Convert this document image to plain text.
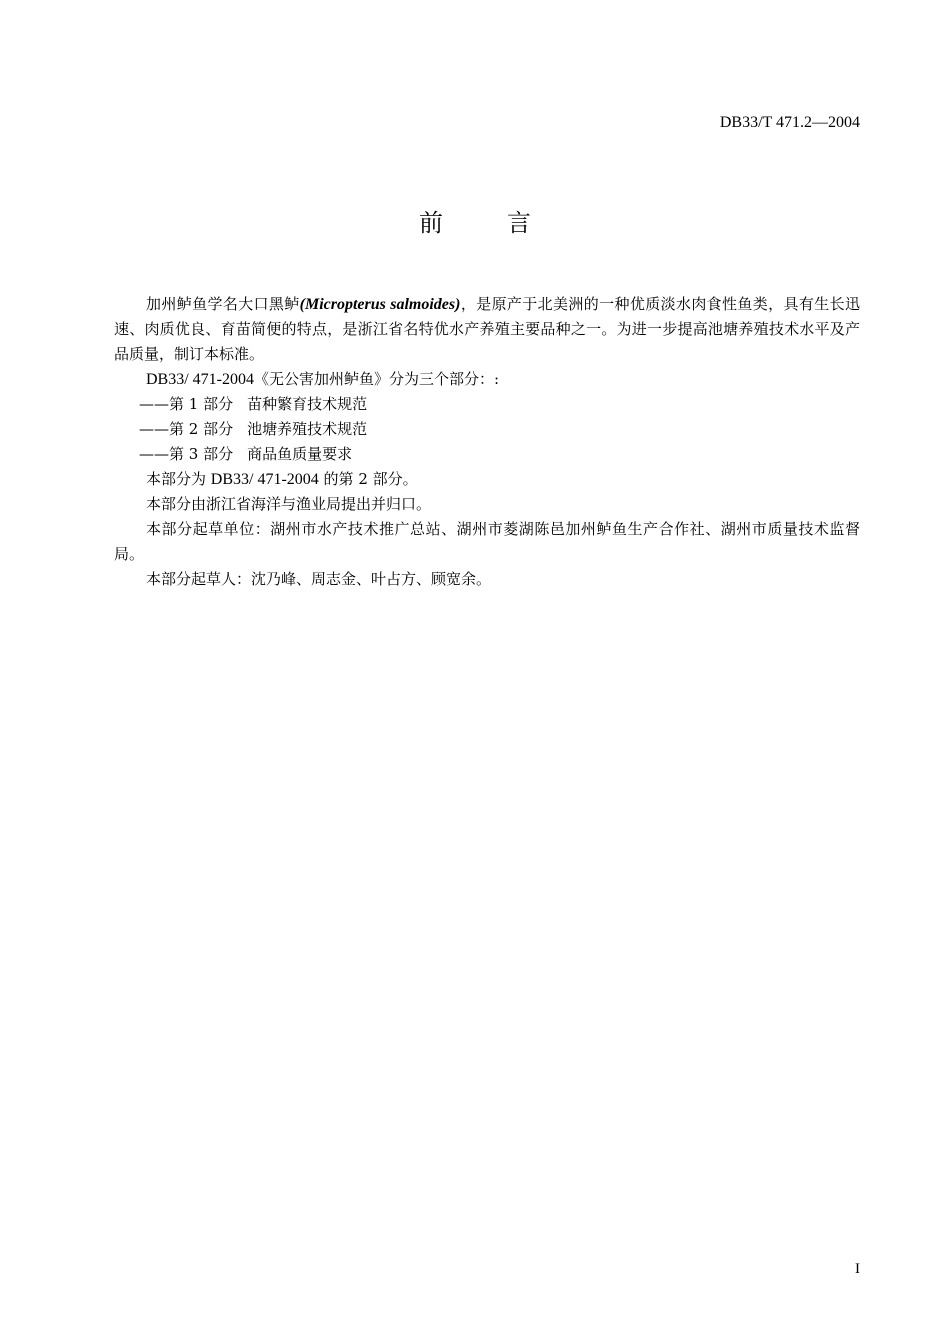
DB33/T 471.2—2004
前	言

加州鲈鱼学名大口黑鲈(Micropterus salmoides)，是原产于北美洲的一种优质淡水肉食性鱼类，具有生长迅速、肉质优良、育苗简便的特点，是浙江省名特优水产养殖主要品种之一。为进一步提高池塘养殖技术水平及产品质量，制订本标准。

DB33/ 471-2004《无公害加州鲈鱼》分为三个部分：:

——第 1 部分 苗种繁育技术规范

——第 2 部分 池塘养殖技术规范

——第 3 部分 商品鱼质量要求

本部分为 DB33/ 471-2004 的第 2 部分。

本部分由浙江省海洋与渔业局提出并归口。

本部分起草单位：湖州市水产技术推广总站、湖州市菱湖陈邑加州鲈鱼生产合作社、湖州市质量技术监督局。

本部分起草人：沈乃峰、周志金、叶占方、顾宽余。

I
